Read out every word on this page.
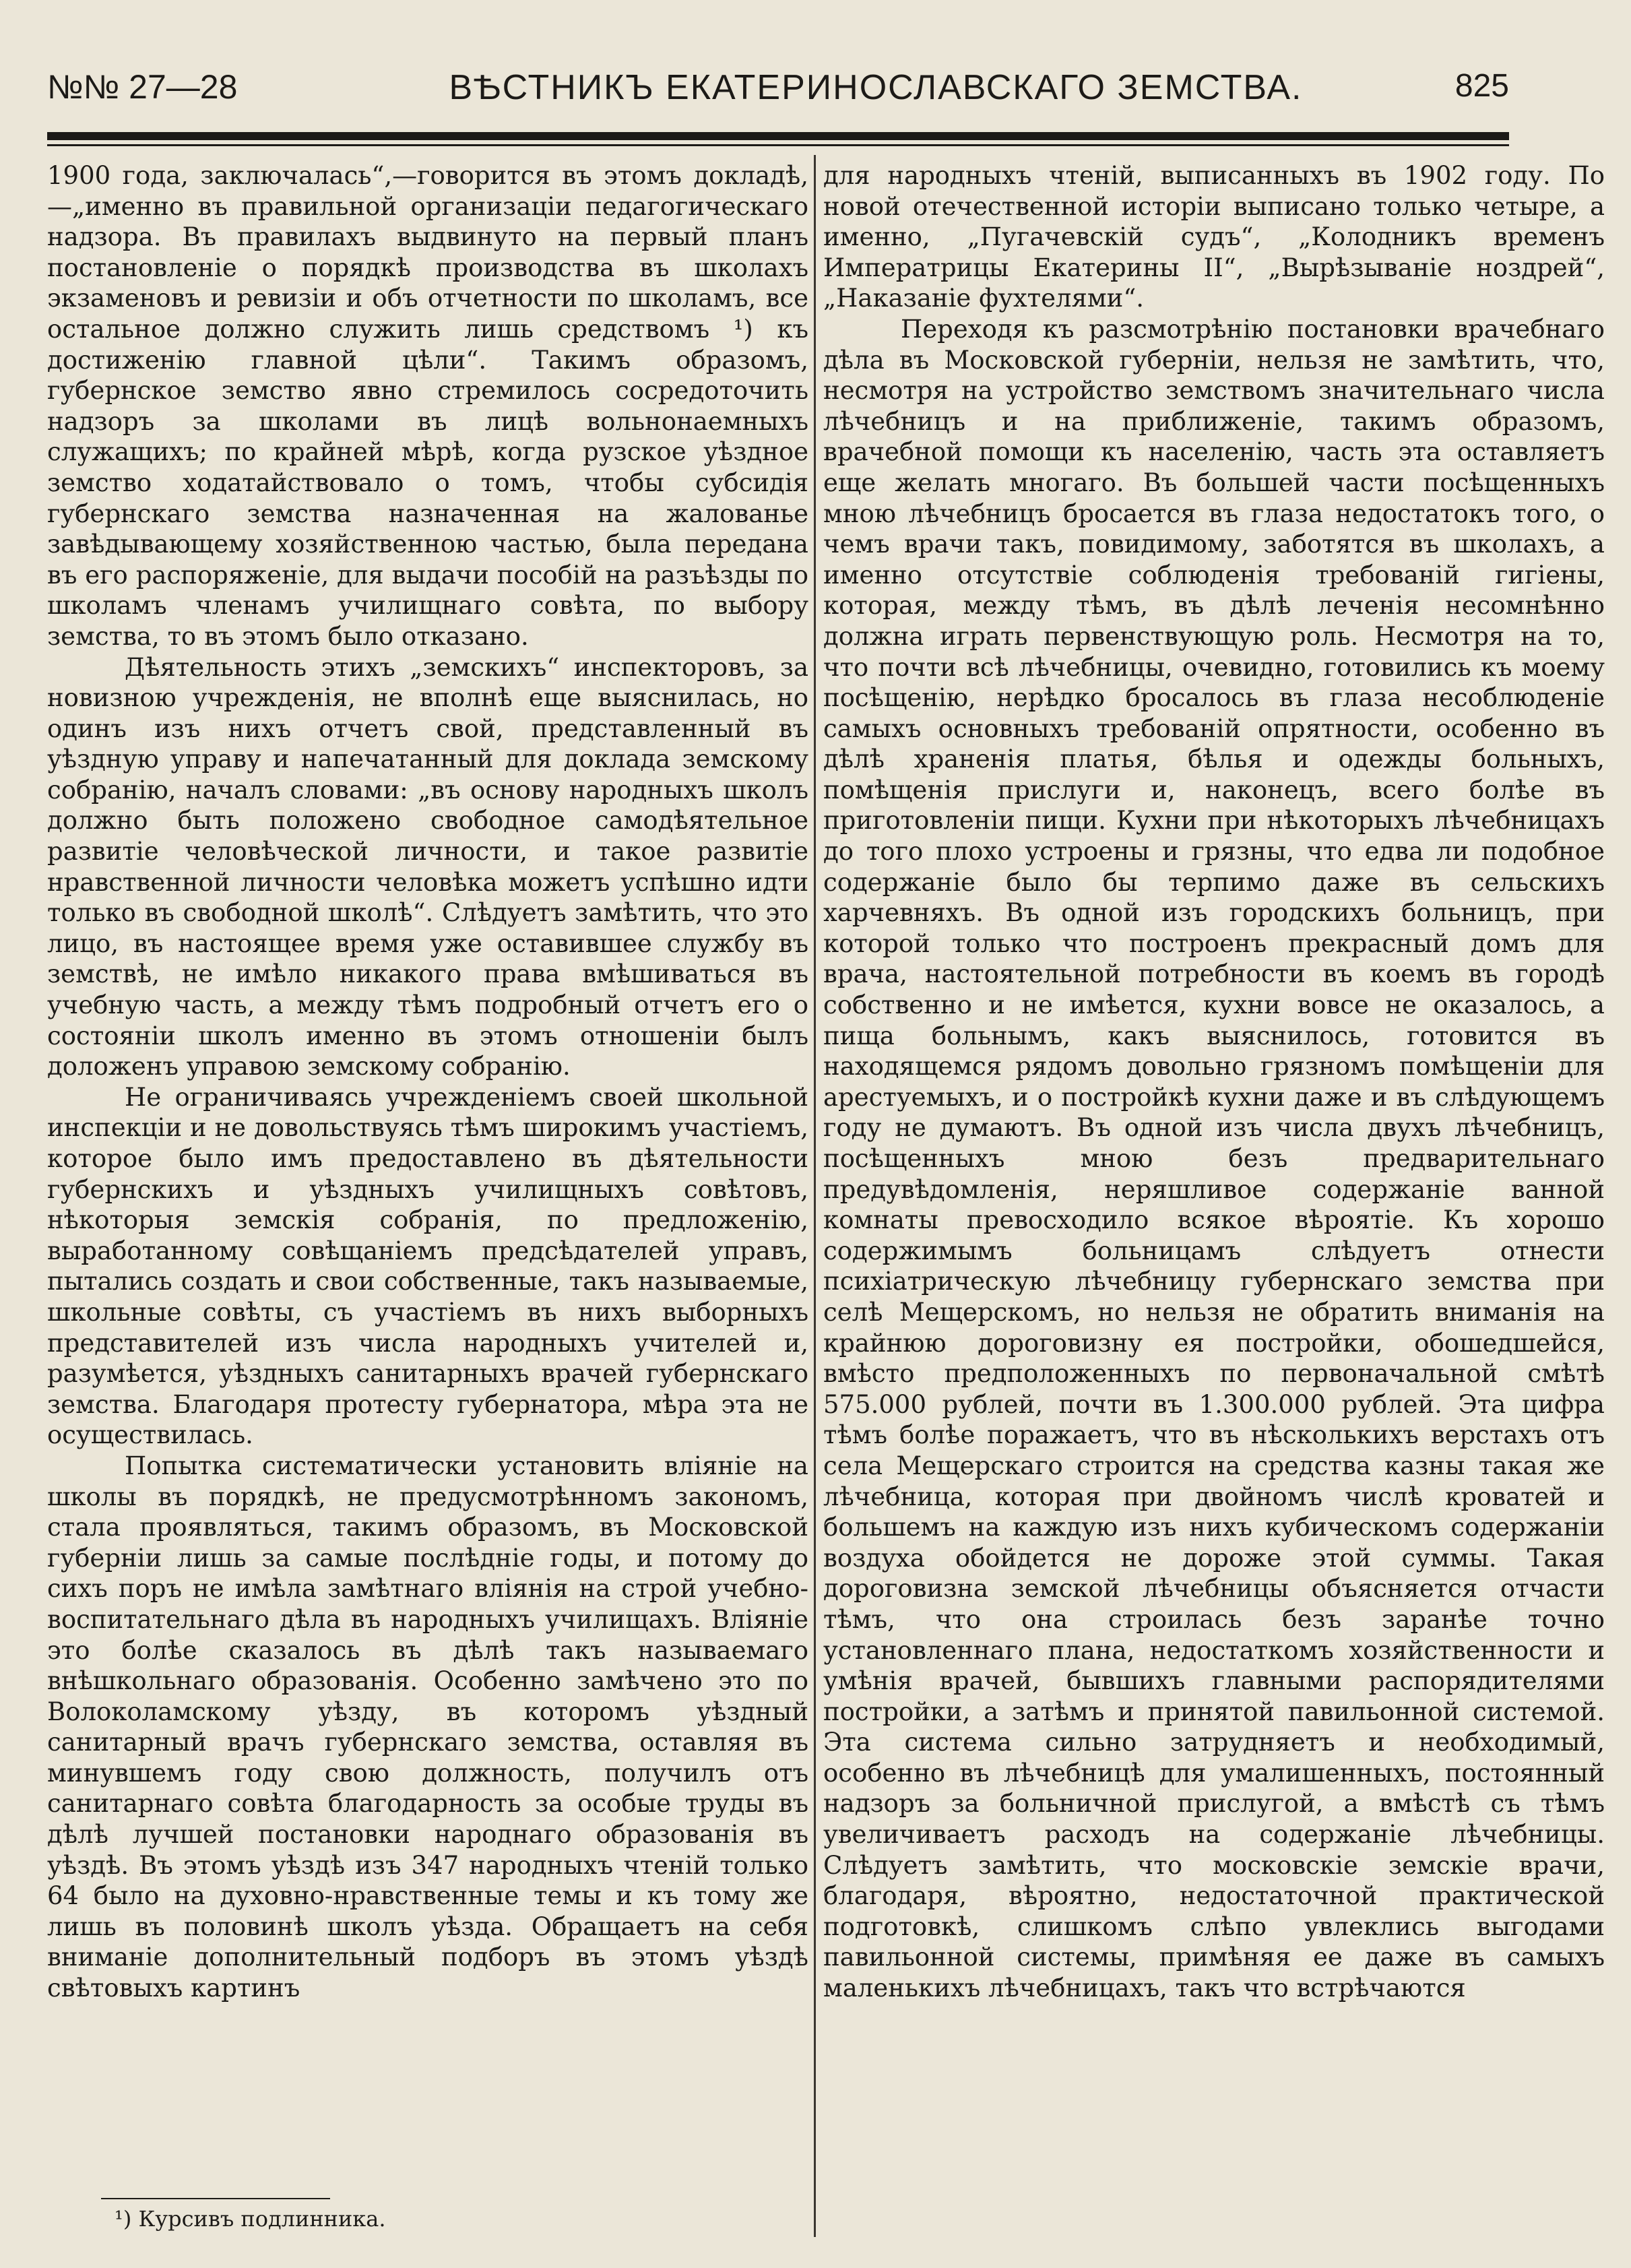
№№ 27—28	ВѢСТНИКЪ ЕКАТЕРИНОСЛАВСКАГО ЗЕМСТВА.	825

1900 года, заключалась“,—говорится въ этомъ докладѣ,—„именно въ правильной организаціи педагогическаго надзора. Въ правилахъ выдвинуто на первый планъ постановленіе о порядкѣ производства въ школахъ экзаменовъ и ревизіи и объ отчетности по школамъ, все остальное должно служить лишь средствомъ ¹) къ достиженію главной цѣли“. Такимъ образомъ, губернское земство явно стремилось сосредоточить надзоръ за школами въ лицѣ вольнонаемныхъ служащихъ; по крайней мѣрѣ, когда рузское уѣздное земство ходатайствовало о томъ, чтобы субсидія губернскаго земства назначенная на жалованье завѣдывающему хозяйственною частью, была передана въ его распоряженіе, для выдачи пособій на разъѣзды по школамъ членамъ училищнаго совѣта, по выбору земства, то въ этомъ было отказано.

Дѣятельность этихъ „земскихъ“ инспекторовъ, за новизною учрежденія, не вполнѣ еще выяснилась, но одинъ изъ нихъ отчетъ свой, представленный въ уѣздную управу и напечатанный для доклада земскому собранію, началъ словами: „въ основу народныхъ школъ должно быть положено свободное самодѣятельное развитіе человѣческой личности, и такое развитіе нравственной личности человѣка можетъ успѣшно идти только въ свободной школѣ“. Слѣдуетъ замѣтить, что это лицо, въ настоящее время уже оставившее службу въ земствѣ, не имѣло никакого права вмѣшиваться въ учебную часть, а между тѣмъ подробный отчетъ его о состояніи школъ именно въ этомъ отношеніи былъ доложенъ управою земскому собранію.

Не ограничиваясь учрежденіемъ своей школьной инспекціи и не довольствуясь тѣмъ широкимъ участіемъ, которое было имъ предоставлено въ дѣятельности губернскихъ и уѣздныхъ училищныхъ совѣтовъ, нѣкоторыя земскія собранія, по предложенію, выработанному совѣщаніемъ предсѣдателей управъ, пытались создать и свои собственные, такъ называемые, школьные совѣты, съ участіемъ въ нихъ выборныхъ представителей изъ числа народныхъ учителей и, разумѣется, уѣздныхъ санитарныхъ врачей губернскаго земства. Благодаря протесту губернатора, мѣра эта не осуществилась.

Попытка систематически установить вліяніе на школы въ порядкѣ, не предусмотрѣнномъ закономъ, стала проявляться, такимъ образомъ, въ Московской губерніи лишь за самые послѣдніе годы, и потому до сихъ поръ не имѣла замѣтнаго вліянія на строй учебно-воспитательнаго дѣла въ народныхъ училищахъ. Вліяніе это болѣе сказалось въ дѣлѣ такъ называемаго внѣшкольнаго образованія. Особенно замѣчено это по Волоколамскому уѣзду, въ которомъ уѣздный санитарный врачъ губернскаго земства, оставляя въ минувшемъ году свою должность, получилъ отъ санитарнаго совѣта благодарность за особые труды въ дѣлѣ лучшей постановки народнаго образованія въ уѣздѣ. Въ этомъ уѣздѣ изъ 347 народныхъ чтеній только 64 было на духовно-нравственные темы и къ тому же лишь въ половинѣ школъ уѣзда. Обращаетъ на себя вниманіе дополнительный подборъ въ этомъ уѣздѣ свѣтовыхъ картинъ

для народныхъ чтеній, выписанныхъ въ 1902 году. По новой отечественной исторіи выписано только четыре, а именно, „Пугачевскій судъ“, „Колодникъ временъ Императрицы Екатерины II“, „Вырѣзываніе ноздрей“, „Наказаніе фухтелями“.

Переходя къ разсмотрѣнію постановки врачебнаго дѣла въ Московской губерніи, нельзя не замѣтить, что, несмотря на устройство земствомъ значительнаго числа лѣчебницъ и на приближеніе, такимъ образомъ, врачебной помощи къ населенію, часть эта оставляетъ еще желать многаго. Въ большей части посѣщенныхъ мною лѣчебницъ бросается въ глаза недостатокъ того, о чемъ врачи такъ, повидимому, заботятся въ школахъ, а именно отсутствіе соблюденія требованій гигіены, которая, между тѣмъ, въ дѣлѣ леченія несомнѣнно должна играть первенствующую роль. Несмотря на то, что почти всѣ лѣчебницы, очевидно, готовились къ моему посѣщенію, нерѣдко бросалось въ глаза несоблюденіе самыхъ основныхъ требованій опрятности, особенно въ дѣлѣ храненія платья, бѣлья и одежды больныхъ, помѣщенія прислуги и, наконецъ, всего болѣе въ приготовленіи пищи. Кухни при нѣкоторыхъ лѣчебницахъ до того плохо устроены и грязны, что едва ли подобное содержаніе было бы терпимо даже въ сельскихъ харчевняхъ. Въ одной изъ городскихъ больницъ, при которой только что построенъ прекрасный домъ для врача, настоятельной потребности въ коемъ въ городѣ собственно и не имѣется, кухни вовсе не оказалось, а пища больнымъ, какъ выяснилось, готовится въ находящемся рядомъ довольно грязномъ помѣщеніи для арестуемыхъ, и о постройкѣ кухни даже и въ слѣдующемъ году не думаютъ. Въ одной изъ числа двухъ лѣчебницъ, посѣщенныхъ мною безъ предварительнаго предувѣдомленія, неряшливое содержаніе ванной комнаты превосходило всякое вѣроятіе. Къ хорошо содержимымъ больницамъ слѣдуетъ отнести психіатрическую лѣчебницу губернскаго земства при селѣ Мещерскомъ, но нельзя не обратить вниманія на крайнюю дороговизну ея постройки, обошедшейся, вмѣсто предположенныхъ по первоначальной смѣтѣ 575.000 рублей, почти въ 1.300.000 рублей. Эта цифра тѣмъ болѣе поражаетъ, что въ нѣсколькихъ верстахъ отъ села Мещерскаго строится на средства казны такая же лѣчебница, которая при двойномъ числѣ кроватей и большемъ на каждую изъ нихъ кубическомъ содержаніи воздуха обойдется не дороже этой суммы. Такая дороговизна земской лѣчебницы объясняется отчасти тѣмъ, что она строилась безъ заранѣе точно установленнаго плана, недостаткомъ хозяйственности и умѣнія врачей, бывшихъ главными распорядителями постройки, а затѣмъ и принятой павильонной системой. Эта система сильно затрудняетъ и необходимый, особенно въ лѣчебницѣ для умалишенныхъ, постоянный надзоръ за больничной прислугой, а вмѣстѣ съ тѣмъ увеличиваетъ расходъ на содержаніе лѣчебницы. Слѣдуетъ замѣтить, что московскіе земскіе врачи, благодаря, вѣроятно, недостаточной практической подготовкѣ, слишкомъ слѣпо увлеклись выгодами павильонной системы, примѣняя ее даже въ самыхъ маленькихъ лѣчебницахъ, такъ что встрѣчаются

¹) Курсивъ подлинника.
